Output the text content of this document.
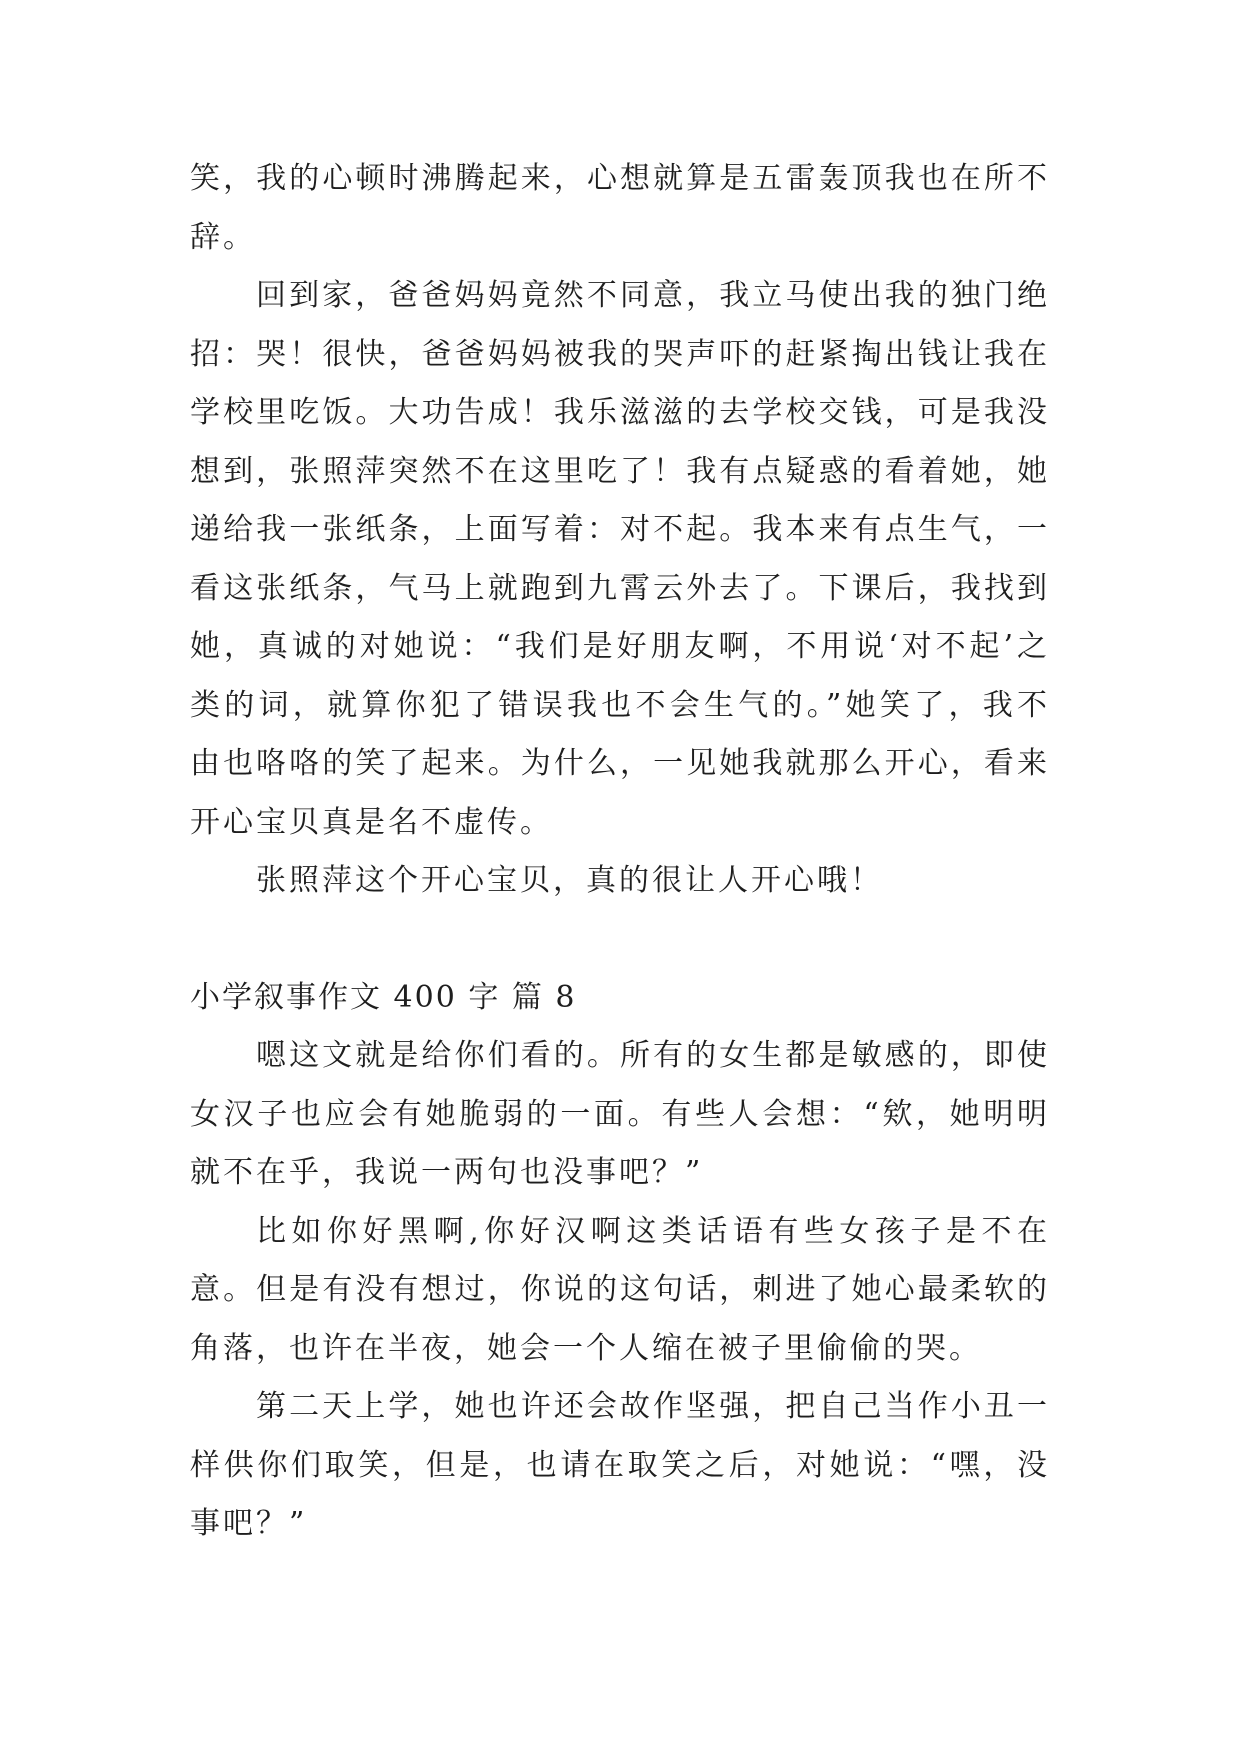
笑，我的心顿时沸腾起来，心想就算是五雷轰顶我也在所不辞。

回到家，爸爸妈妈竟然不同意，我立马使出我的独门绝招：哭！很快，爸爸妈妈被我的哭声吓的赶紧掏出钱让我在学校里吃饭。大功告成！我乐滋滋的去学校交钱，可是我没想到，张照萍突然不在这里吃了！我有点疑惑的看着她，她递给我一张纸条，上面写着：对不起。我本来有点生气，一看这张纸条，气马上就跑到九霄云外去了。下课后，我找到她，真诚的对她说：“我们是好朋友啊，不用说‘对不起’之类的词，就算你犯了错误我也不会生气的。”她笑了，我不由也咯咯的笑了起来。为什么，一见她我就那么开心，看来开心宝贝真是名不虚传。

张照萍这个开心宝贝，真的很让人开心哦！

小学叙事作文 400 字 篇 8

嗯这文就是给你们看的。所有的女生都是敏感的，即使女汉子也应会有她脆弱的一面。有些人会想：“欸，她明明就不在乎，我说一两句也没事吧？”

比如你好黑啊,你好汉啊这类话语有些女孩子是不在意。但是有没有想过，你说的这句话，刺进了她心最柔软的角落，也许在半夜，她会一个人缩在被子里偷偷的哭。

第二天上学，她也许还会故作坚强，把自己当作小丑一样供你们取笑，但是，也请在取笑之后，对她说：“嘿，没事吧？”
